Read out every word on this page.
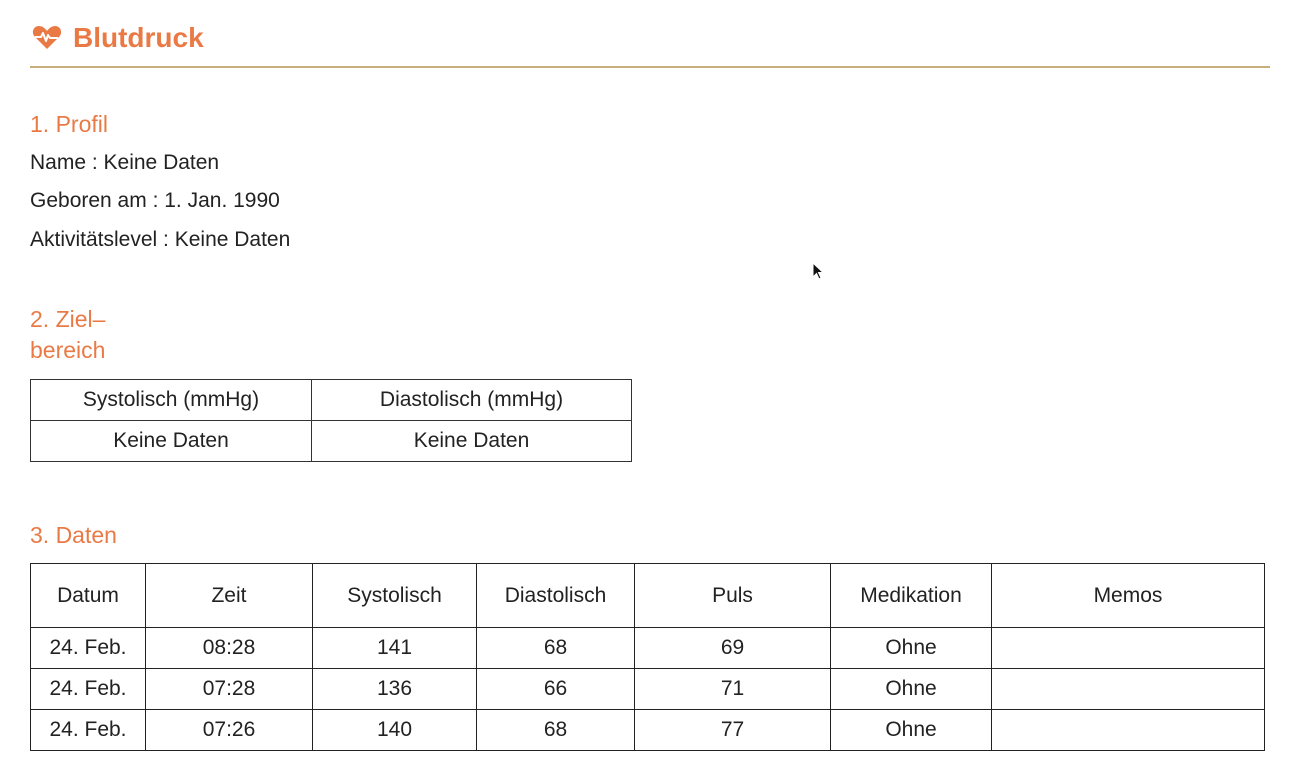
Blutdruck
1. Profil
Name : Keine Daten
Geboren am : 1. Jan. 1990
Aktivitätslevel : Keine Daten
2. Ziel–
bereich
Systolisch (mmHg)	Diastolisch (mmHg)
Keine Daten	Keine Daten
3. Daten
Datum	Zeit	Systolisch	Diastolisch	Puls	Medikation	Memos
24. Feb.	08:28	141	68	69	Ohne	
24. Feb.	07:28	136	66	71	Ohne	
24. Feb.	07:26	140	68	77	Ohne	
